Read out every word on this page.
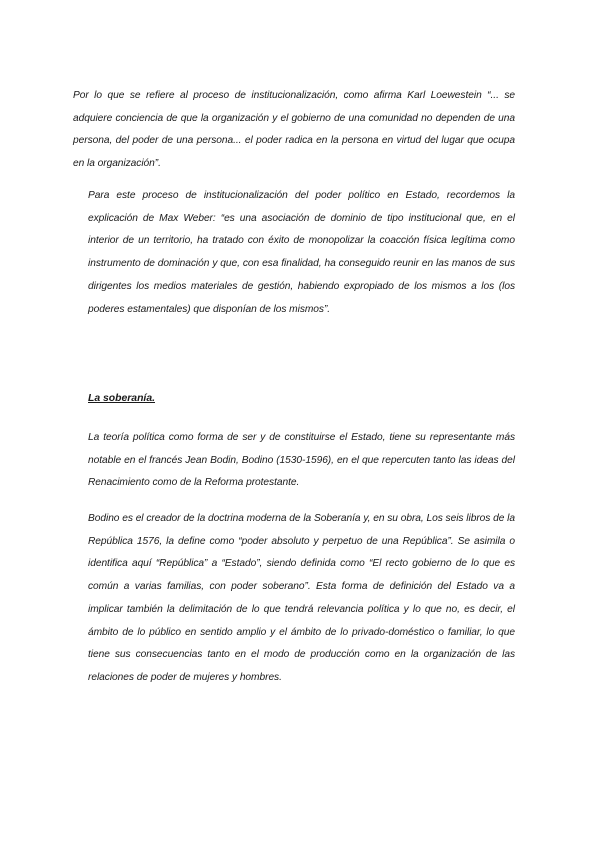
Por lo que se refiere al proceso de institucionalización, como afirma Karl Loewestein “... se adquiere conciencia de que la organización y el gobierno de una comunidad no dependen de una persona, del poder de una persona... el poder radica en la persona en virtud del lugar que ocupa en la organización”.

Para este proceso de institucionalización del poder político en Estado, recordemos la explicación de Max Weber: “es una asociación de dominio de tipo institucional que, en el interior de un territorio, ha tratado con éxito de monopolizar la coacción física legítima como instrumento de dominación y que, con esa finalidad, ha conseguido reunir en las manos de sus dirigentes los medios materiales de gestión, habiendo expropiado de los mismos a los (los poderes estamentales) que disponían de los mismos”.

La soberanía.

La teoría política como forma de ser y de constituirse el Estado, tiene su representante más notable en el francés Jean Bodin, Bodino (1530-1596), en el que repercuten tanto las ideas del Renacimiento como de la Reforma protestante.

Bodino es el creador de la doctrina moderna de la Soberanía y, en su obra, Los seis libros de la República 1576, la define como “poder absoluto y perpetuo de una República”. Se asimila o identifica aquí “República” a “Estado”, siendo definida como “El recto gobierno de lo que es común a varias familias, con poder soberano”. Esta forma de definición del Estado va a implicar también la delimitación de lo que tendrá relevancia política y lo que no, es decir, el ámbito de lo público en sentido amplio y el ámbito de lo privado-doméstico o familiar, lo que tiene sus consecuencias tanto en el modo de producción como en la organización de las relaciones de poder de mujeres y hombres.
